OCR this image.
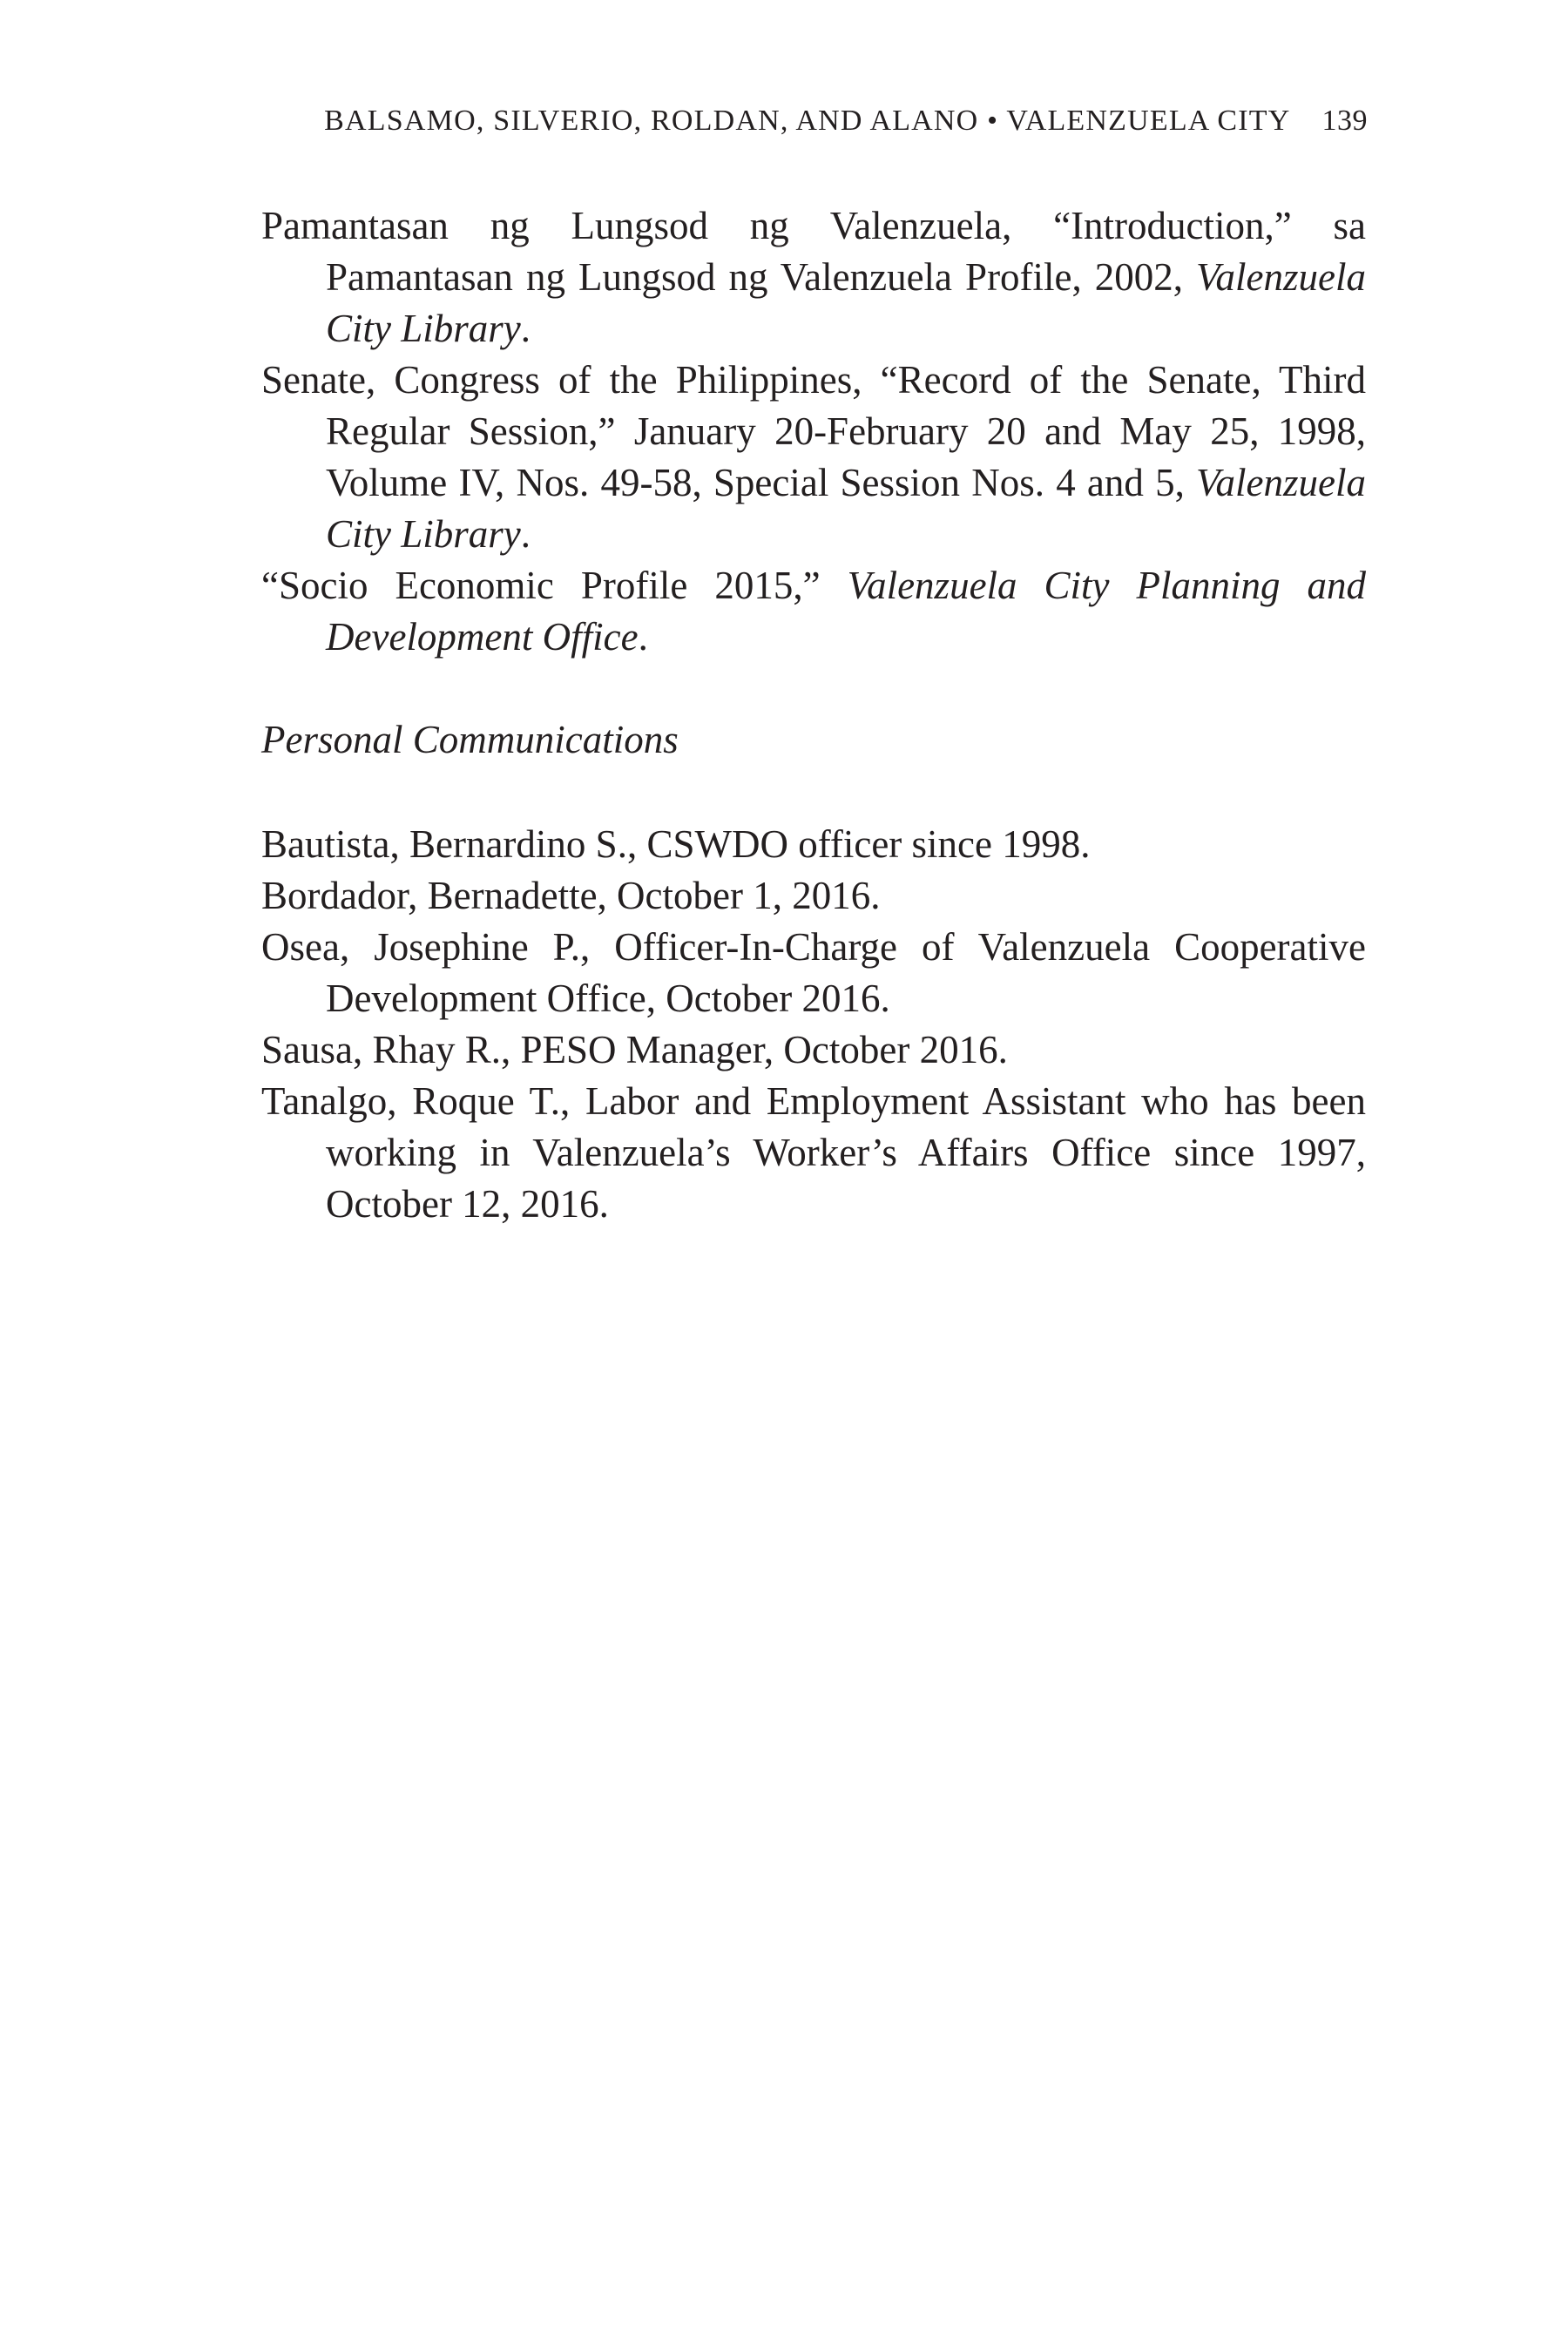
BALSAMO, SILVERIO, ROLDAN, AND ALANO • VALENZUELA CITY 139

Pamantasan ng Lungsod ng Valenzuela, “Introduction,” sa Pamantasan ng Lungsod ng Valenzuela Profile, 2002, Valenzuela City Library.

Senate, Congress of the Philippines, “Record of the Senate, Third Regular Session,” January 20-February 20 and May 25, 1998, Volume IV, Nos. 49-58, Special Session Nos. 4 and 5, Valenzuela City Library.

“Socio Economic Profile 2015,” Valenzuela City Planning and Development Office.

Personal Communications

Bautista, Bernardino S., CSWDO officer since 1998.

Bordador, Bernadette, October 1, 2016.

Osea, Josephine P., Officer-In-Charge of Valenzuela Cooperative Development Office, October 2016.

Sausa, Rhay R., PESO Manager, October 2016.

Tanalgo, Roque T., Labor and Employment Assistant who has been working in Valenzuela’s Worker’s Affairs Office since 1997, October 12, 2016.
